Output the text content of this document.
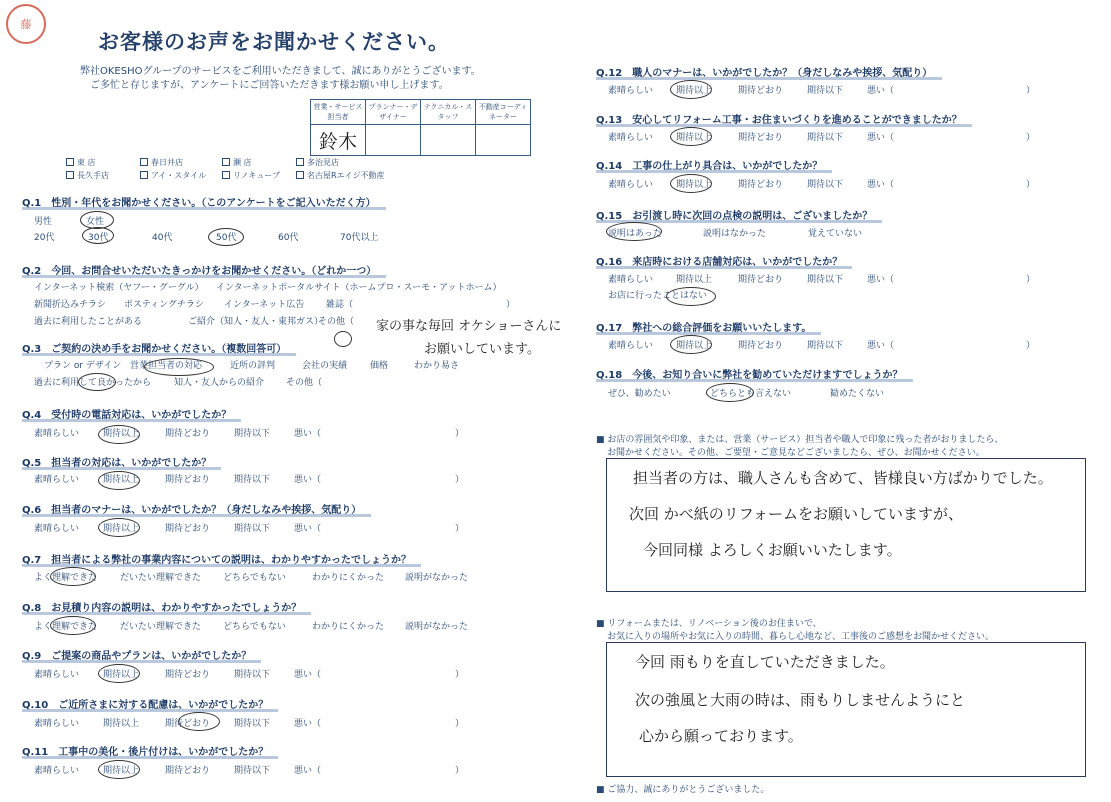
藤
お客様のお声をお聞かせください。
弊社OKESHOグループのサービスをご利用いただきまして、誠にありがとうございます。
ご多忙と存じますが、アンケートにご回答いただきます様お願い申し上げます。
営業・サービス担当者	プランナー・デザイナー	テクニカル・スタッフ	不動産コーディネーター
鈴木			
東 店	春日井店	瀬 店	多治見店
長久手店	アイ・スタイル	リノキューブ	名古屋Rエイジ不動産
Q.1　性別・年代をお聞かせください。（このアンケートをご記入いただく方）
男性	女性
20代	30代	40代	50代	60代	70代以上
Q.2　今回、お問合せいただいたきっかけをお聞かせください。（どれか一つ）
インターネット検索（ヤフー・グーグル） インターネットポータルサイト（ホームプロ・スーモ・アットホーム）
新聞折込みチラシ ポスティングチラシ インターネット広告 雑誌（　　　　　　　　　　　　　　　　　）
過去に利用したことがある	ご紹介（知人・友人・東邦ガス）
その他（
Q.3　ご契約の決め手をお聞かせください。（複数回答可）
プラン or デザイン 営業担当者の対応	近所の評判	会社の実績	価格	わかり易さ
過去に利用して良かったから	知人・友人からの紹介 その他（
Q.4　受付時の電話対応は、いかがでしたか？
素晴らしい	期待以上	期待どおり	期待以下	悪い（	）
Q.5　担当者の対応は、いかがでしたか？
素晴らしい	期待以上	期待どおり	期待以下	悪い（	）
Q.6　担当者のマナーは、いかがでしたか？（身だしなみや挨拶、気配り）
素晴らしい	期待以上	期待どおり	期待以下	悪い（	）
Q.7　担当者による弊社の事業内容についての説明は、わかりやすかったでしょうか？
よく理解できた	だいたい理解できた どちらでもない	わかりにくかった 説明がなかった
Q.8　お見積り内容の説明は、わかりやすかったでしょうか？
よく理解できた	だいたい理解できた どちらでもない	わかりにくかった 説明がなかった
Q.9　ご提案の商品やプランは、いかがでしたか？
素晴らしい	期待以上	期待どおり	期待以下	悪い（	）
Q.10　ご近所さまに対する配慮は、いかがでしたか？
素晴らしい	期待以上	期待どおり	期待以下	悪い（	）
Q.11　工事中の美化・後片付けは、いかがでしたか？
素晴らしい	期待以上	期待どおり	期待以下	悪い（	）
Q.12　職人のマナーは、いかがでしたか？（身だしなみや挨拶、気配り）
素晴らしい	期待以上	期待どおり	期待以下	悪い（	）
Q.13　安心してリフォーム工事・お住まいづくりを進めることができましたか？
素晴らしい	期待以上	期待どおり	期待以下	悪い（	）
Q.14　工事の仕上がり具合は、いかがでしたか？
素晴らしい	期待以上	期待どおり	期待以下	悪い（	）
Q.15　お引渡し時に次回の点検の説明は、ございましたか？
説明はあった	説明はなかった	覚えていない
Q.16　来店時における店舗対応は、いかがでしたか？
素晴らしい	期待以上	期待どおり	期待以下	悪い（	）
お店に行ったことはない
Q.17　弊社への総合評価をお願いいたします。
素晴らしい	期待以上	期待どおり	期待以下	悪い（	）
Q.18　今後、お知り合いに弊社を勧めていただけますでしょうか？
ぜひ、勧めたい	どちらとも言えない	勧めたくない
家の事な毎回 オケショーさんに
お願いしています。
■ お店の雰囲気や印象、または、営業（サービス）担当者や職人で印象に残った者がおりましたら、
お聞かせください。その他、ご要望・ご意見などございましたら、ぜひ、お聞かせください。
担当者の方は、職人さんも含めて、皆様良い方ばかりでした。
次回 かべ紙のリフォームをお願いしていますが、
今回同様 よろしくお願いいたします。
■ リフォームまたは、リノベーション後のお住まいで、
お気に入りの場所やお気に入りの時間、暮らし心地など、工事後のご感想をお聞かせください。
今回 雨もりを直していただきました。
次の強風と大雨の時は、雨もりしませんようにと
心から願っております。
■ ご協力、誠にありがとうございました。
